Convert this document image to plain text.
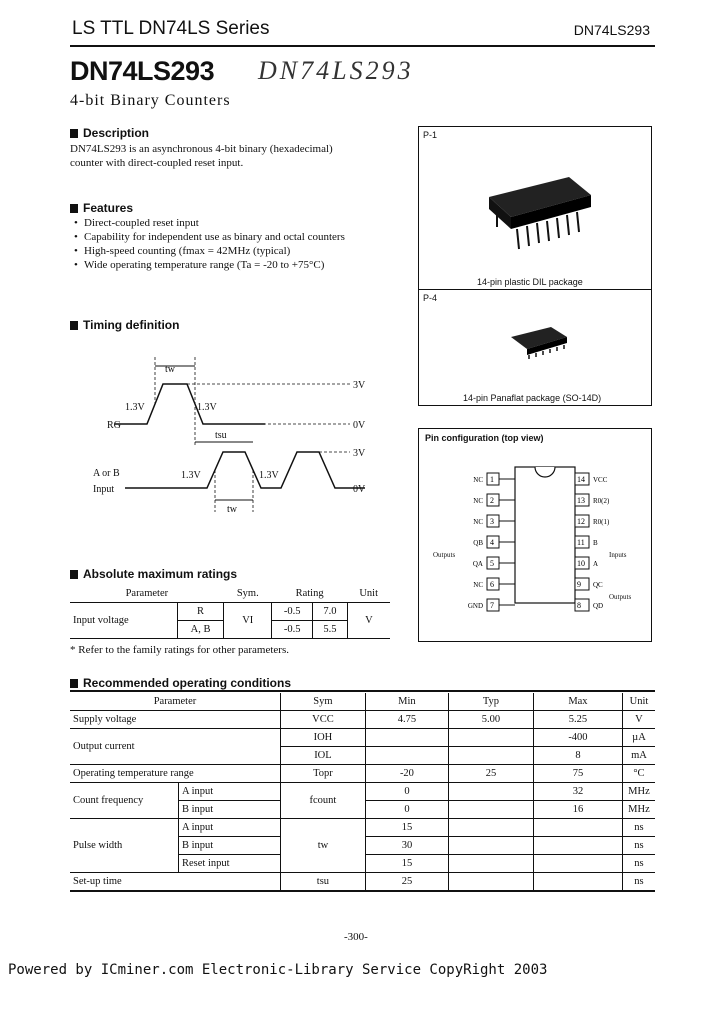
LS TTL DN74LS Series	DN74LS293
DN74LS293 DN74LS293
4-bit Binary Counters
Description
DN74LS293 is an asynchronous 4-bit binary (hexadecimal)
counter with direct-coupled reset input.
Features
• Direct-coupled reset input
• Capability for independent use as binary and octal counters
• High-speed counting (fmax = 42MHz (typical)
• Wide operating temperature range (Ta = -20 to +75°C)
Timing definition
tw
tsu
tw
1.3V	1.3V
1.3V	1.3V
3V
0V
3V
0V
RG
A or B
Input
P-1
14-pin plastic DIL package
P-4
14-pin Panaflat package (SO-14D)
Pin configuration (top view)
1
NC
2
NC
3
NC
4
QB
5
QA
6
NC
7
GND
14 VCC
13 R0(2)
12 R0(1)
11 B
10 A
9 QC
8 QD
Outputs	Inputs
Outputs
Absolute maximum ratings
Parameter		Sym.	Rating		Unit
Input voltage	R	VI	-0.5	7.0	V
	A, B		-0.5	5.5	
* Refer to the family ratings for other parameters.
Recommended operating conditions
Parameter		Sym	Min	Typ	Max	Unit
Supply voltage		VCC	4.75	5.00	5.25	V
Output current		IOH			-400	µA
		IOL			8	mA
Operating temperature range		Topr	-20	25	75	°C
Count frequency	A input	fcount	0		32	MHz
	B input		0		16	MHz
Pulse width	A input	tw	15			ns
	B input		30			ns
	Reset input		15			ns
Set-up time		tsu	25			ns
-300-
Powered by ICminer.com Electronic-Library Service CopyRight 2003
